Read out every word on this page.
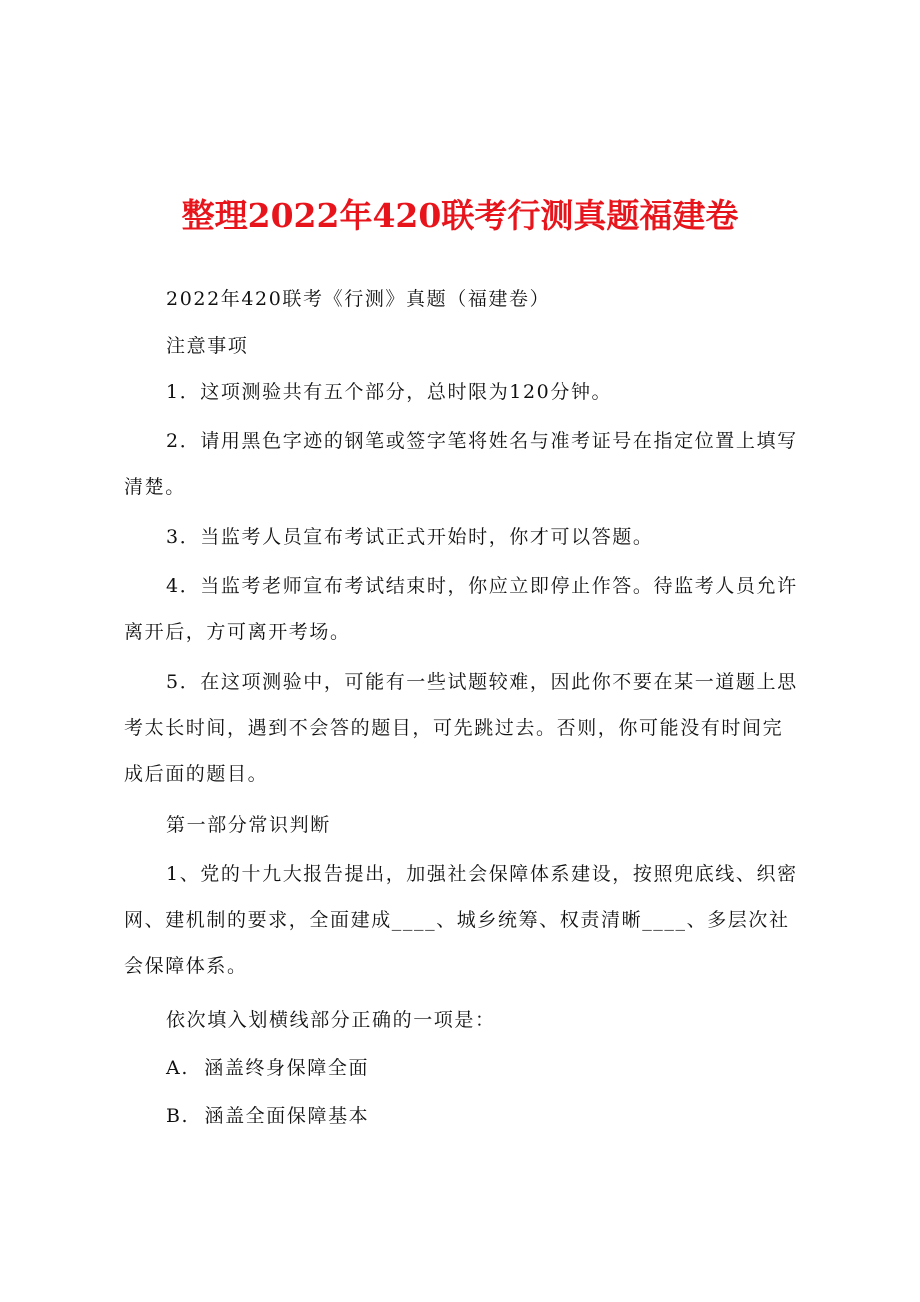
整理2022年420联考行测真题福建卷

2022年420联考《行测》真题（福建卷）

注意事项

1．这项测验共有五个部分，总时限为120分钟。

2．请用黑色字迹的钢笔或签字笔将姓名与准考证号在指定位置上填写清楚。

3．当监考人员宣布考试正式开始时，你才可以答题。

4．当监考老师宣布考试结束时，你应立即停止作答。待监考人员允许离开后，方可离开考场。

5．在这项测验中，可能有一些试题较难，因此你不要在某一道题上思考太长时间，遇到不会答的题目，可先跳过去。否则，你可能没有时间完成后面的题目。

第一部分常识判断

1、党的十九大报告提出，加强社会保障体系建设，按照兜底线、织密网、建机制的要求，全面建成____、城乡统筹、权责清晰____、多层次社会保障体系。

依次填入划横线部分正确的一项是：

A.  涵盖终身保障全面

B.  涵盖全面保障基本
